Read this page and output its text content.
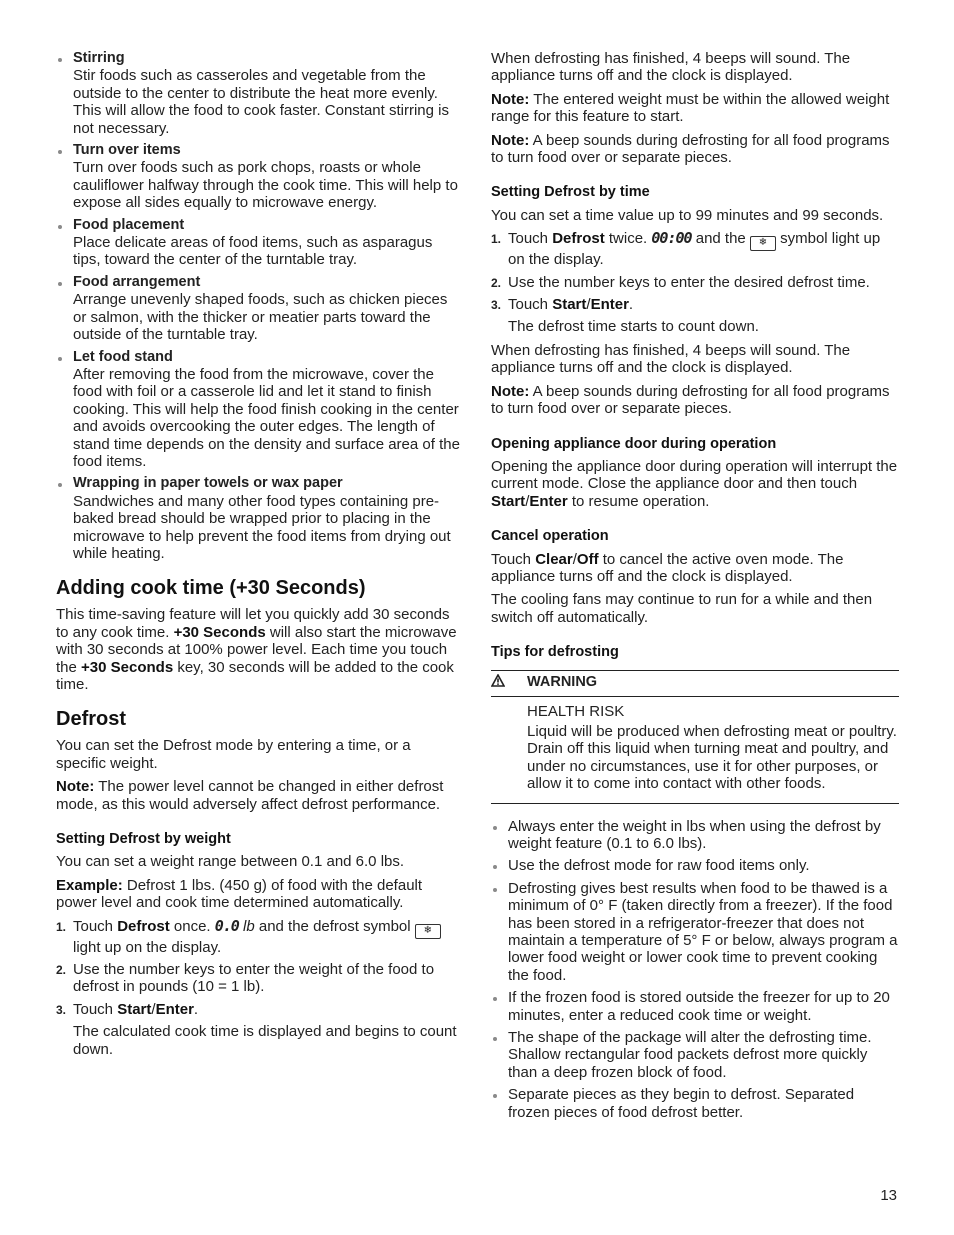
Stirring
Stir foods such as casseroles and vegetable from the outside to the center to distribute the heat more evenly. This will allow the food to cook faster. Constant stirring is not necessary.
Turn over items
Turn over foods such as pork chops, roasts or whole cauliflower halfway through the cook time. This will help to expose all sides equally to microwave energy.
Food placement
Place delicate areas of food items, such as asparagus tips, toward the center of the turntable tray.
Food arrangement
Arrange unevenly shaped foods, such as chicken pieces or salmon, with the thicker or meatier parts toward the outside of the turntable tray.
Let food stand
After removing the food from the microwave, cover the food with foil or a casserole lid and let it stand to finish cooking. This will help the food finish cooking in the center and avoids overcooking the outer edges. The length of stand time depends on the density and surface area of the food items.
Wrapping in paper towels or wax paper
Sandwiches and many other food types containing pre-baked bread should be wrapped prior to placing in the microwave to help prevent the food items from drying out while heating.
Adding cook time (+30 Seconds)

This time-saving feature will let you quickly add 30 seconds to any cook time. +30 Seconds will also start the microwave with 30 seconds at 100% power level. Each time you touch the +30 Seconds key, 30 seconds will be added to the cook time.

Defrost

You can set the Defrost mode by entering a time, or a specific weight.

Note: The power level cannot be changed in either defrost mode, as this would adversely affect defrost performance.

Setting Defrost by weight

You can set a weight range between 0.1 and 6.0 lbs.

Example: Defrost 1 lbs. (450 g) of food with the default power level and cook time determined automatically.

1. Touch Defrost once. 0.0 lb and the defrost symbol ❄ light up on the display.
2. Use the number keys to enter the weight of the food to defrost in pounds (10 = 1 lb).
3. Touch Start/Enter.
The calculated cook time is displayed and begins to count down.

When defrosting has finished, 4 beeps will sound. The appliance turns off and the clock is displayed.

Note: The entered weight must be within the allowed weight range for this feature to start.

Note: A beep sounds during defrosting for all food programs to turn food over or separate pieces.

Setting Defrost by time

You can set a time value up to 99 minutes and 99 seconds.

1. Touch Defrost twice. 00:00 and the ❄ symbol light up on the display.
2. Use the number keys to enter the desired defrost time.
3. Touch Start/Enter.
The defrost time starts to count down.

When defrosting has finished, 4 beeps will sound. The appliance turns off and the clock is displayed.

Note: A beep sounds during defrosting for all food programs to turn food over or separate pieces.

Opening appliance door during operation

Opening the appliance door during operation will interrupt the current mode. Close the appliance door and then touch Start/Enter to resume operation.

Cancel operation

Touch Clear/Off to cancel the active oven mode. The appliance turns off and the clock is displayed.

The cooling fans may continue to run for a while and then switch off automatically.

Tips for defrosting
WARNING

HEALTH RISK

Liquid will be produced when defrosting meat or poultry. Drain off this liquid when turning meat and poultry, and under no circumstances, use it for other purposes, or allow it to come into contact with other foods.

Always enter the weight in lbs when using the defrost by weight feature (0.1 to 6.0 lbs).
Use the defrost mode for raw food items only.
Defrosting gives best results when food to be thawed is a minimum of 0° F (taken directly from a freezer). If the food has been stored in a refrigerator-freezer that does not maintain a temperature of 5° F or below, always program a lower food weight or lower cook time to prevent cooking the food.
If the frozen food is stored outside the freezer for up to 20 minutes, enter a reduced cook time or weight.
The shape of the package will alter the defrosting time. Shallow rectangular food packets defrost more quickly than a deep frozen block of food.
Separate pieces as they begin to defrost. Separated frozen pieces of food defrost better.
13
